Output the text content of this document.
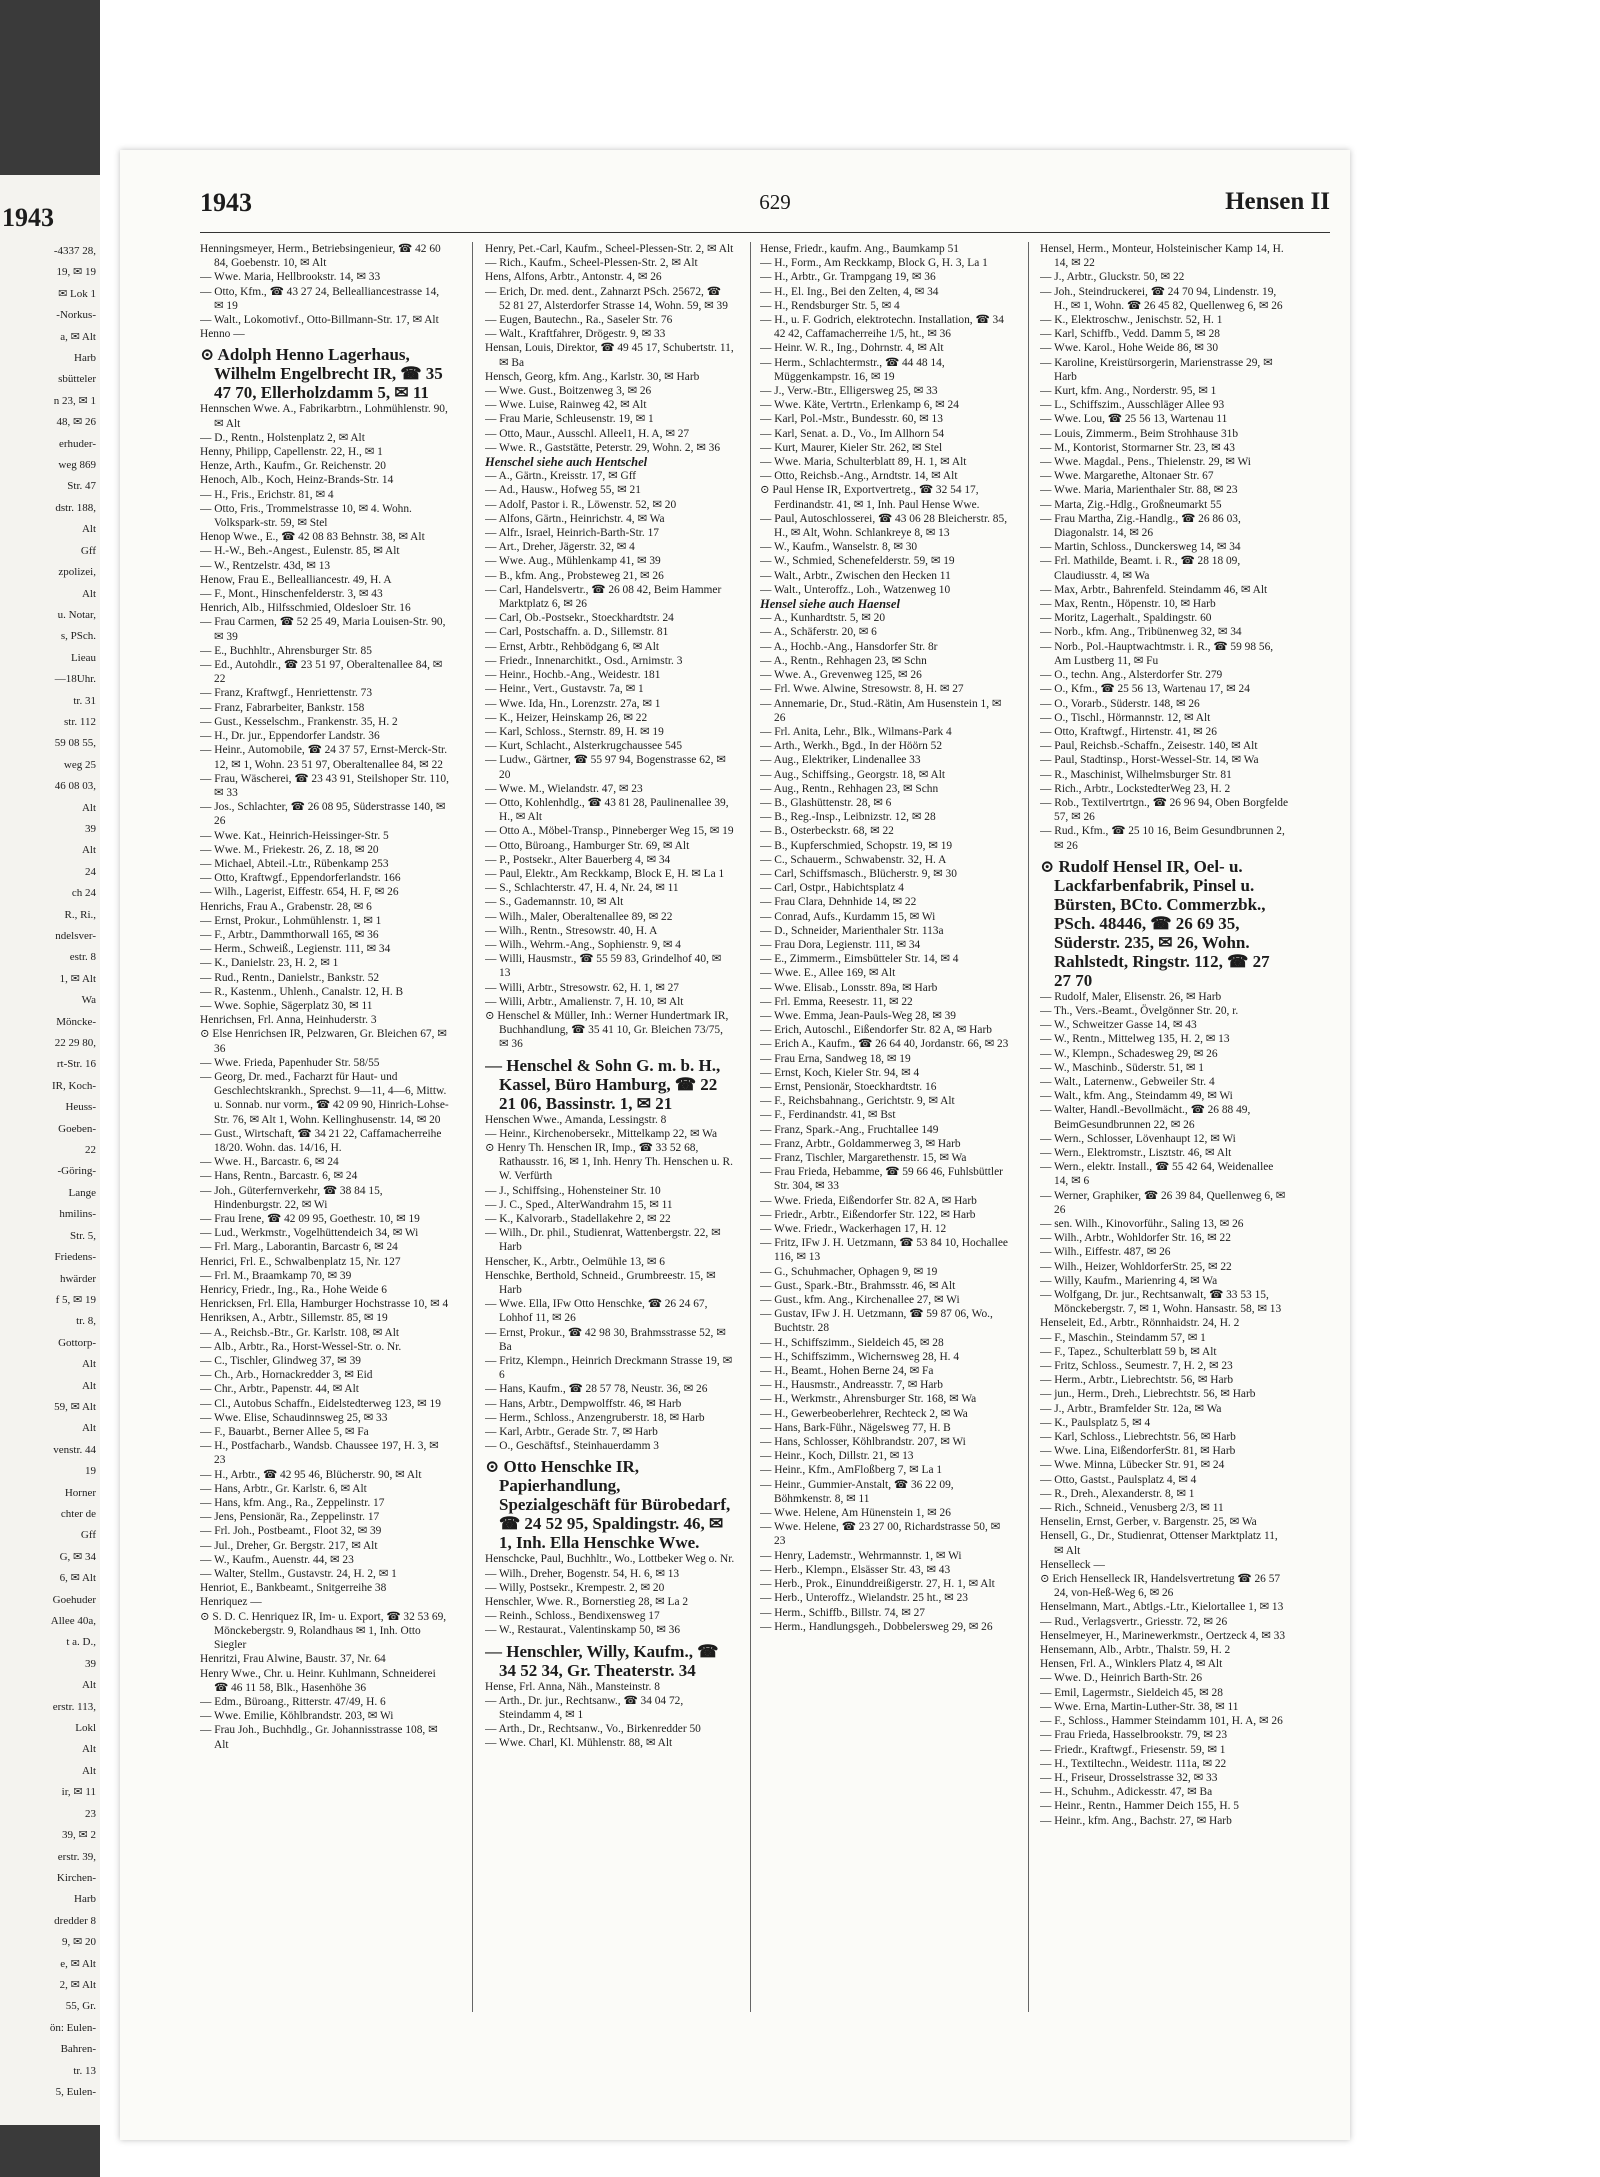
1943
-4337 28,
19, ✉ 19
✉ Lok 1
-Norkus-
a, ✉ Alt
Harb
sbütteler
n 23, ✉ 1
48, ✉ 26
erhuder-
weg 869
Str. 47
dstr. 188,
Alt
Gff
zpolizei,
Alt
u. Notar,
s, PSch.
Lieau
—18Uhr.
tr. 31
str. 112
59 08 55,
weg 25
46 08 03,
Alt
39
Alt
24
ch 24
R., Ri.,
ndelsver-
estr. 8
1, ✉ Alt
Wa
Möncke-
22 29 80,
rt-Str. 16
IR, Koch-
Heuss-
Goeben-
22
-Göring-
Lange
hmilins-
Str. 5,
Friedens-
hwärder
f 5, ✉ 19
tr. 8,
Gottorp-
Alt
Alt
59, ✉ Alt
Alt
venstr. 44
19
Horner
chter de
Gff
G, ✉ 34
6, ✉ Alt
Goehuder
Allee 40a,
t a. D.,
39
Alt
erstr. 113,
Lokl
Alt
Alt
ir, ✉ 11
23
39, ✉ 2
erstr. 39,
Kirchen-
Harb
dredder 8
9, ✉ 20
e, ✉ Alt
2, ✉ Alt
55, Gr.
ön: Eulen-
Bahren-
tr. 13
5, Eulen-
1943	629	Hensen II

Henningsmeyer, Herm., Betriebsingenieur, ☎ 42 60 84, Goebenstr. 10, ✉ Alt

— Wwe. Maria, Hellbrookstr. 14, ✉ 33

— Otto, Kfm., ☎ 43 27 24, Bellealliancestrasse 14, ✉ 19

— Walt., Lokomotivf., Otto-Billmann-Str. 17, ✉ Alt

Henno —

⊙ Adolph Henno Lagerhaus, Wilhelm Engelbrecht IR, ☎ 35 47 70, Ellerholzdamm 5, ✉ 11

Hennschen Wwe. A., Fabrikarbtrn., Lohmühlenstr. 90, ✉ Alt

— D., Rentn., Holstenplatz 2, ✉ Alt

Henny, Philipp, Capellenstr. 22, H., ✉ 1

Henze, Arth., Kaufm., Gr. Reichenstr. 20

Henoch, Alb., Koch, Heinz-Brands-Str. 14

— H., Fris., Erichstr. 81, ✉ 4

— Otto, Fris., Trommelstrasse 10, ✉ 4. Wohn. Volkspark-str. 59, ✉ Stel

Henop Wwe., E., ☎ 42 08 83 Behnstr. 38, ✉ Alt

— H.-W., Beh.-Angest., Eulenstr. 85, ✉ Alt

— W., Rentzelstr. 43d, ✉ 13

Henow, Frau E., Bellealliancestr. 49, H. A

— F., Mont., Hinschenfelderstr. 3, ✉ 43

Henrich, Alb., Hilfsschmied, Oldesloer Str. 16

— Frau Carmen, ☎ 52 25 49, Maria Louisen-Str. 90, ✉ 39

— E., Buchhltr., Ahrensburger Str. 85

— Ed., Autohdlr., ☎ 23 51 97, Oberaltenallee 84, ✉ 22

— Franz, Kraftwgf., Henriettenstr. 73

— Franz, Fabrarbeiter, Bankstr. 158

— Gust., Kesselschm., Frankenstr. 35, H. 2

— H., Dr. jur., Eppendorfer Landstr. 36

— Heinr., Automobile, ☎ 24 37 57, Ernst-Merck-Str. 12, ✉ 1, Wohn. 23 51 97, Oberaltenallee 84, ✉ 22

— Frau, Wäscherei, ☎ 23 43 91, Steilshoper Str. 110, ✉ 33

— Jos., Schlachter, ☎ 26 08 95, Süderstrasse 140, ✉ 26

— Wwe. Kat., Heinrich-Heissinger-Str. 5

— Wwe. M., Friekestr. 26, Z. 18, ✉ 20

— Michael, Abteil.-Ltr., Rübenkamp 253

— Otto, Kraftwgf., Eppendorferlandstr. 166

— Wilh., Lagerist, Eiffestr. 654, H. F, ✉ 26

Henrichs, Frau A., Grabenstr. 28, ✉ 6

— Ernst, Prokur., Lohmühlenstr. 1, ✉ 1

— F., Arbtr., Dammthorwall 165, ✉ 36

— Herm., Schweiß., Legienstr. 111, ✉ 34

— K., Danielstr. 23, H. 2, ✉ 1

— Rud., Rentn., Danielstr., Bankstr. 52

— R., Kastenm., Uhlenh., Canalstr. 12, H. B

— Wwe. Sophie, Sägerplatz 30, ✉ 11

Henrichsen, Frl. Anna, Heinhuderstr. 3

⊙ Else Henrichsen IR, Pelzwaren, Gr. Bleichen 67, ✉ 36

— Wwe. Frieda, Papenhuder Str. 58/55

— Georg, Dr. med., Facharzt für Haut- und Geschlechtskrankh., Sprechst. 9—11, 4—6, Mittw. u. Sonnab. nur vorm., ☎ 42 09 90, Hinrich-Lohse-Str. 76, ✉ Alt 1, Wohn. Kellinghusenstr. 14, ✉ 20

— Gust., Wirtschaft, ☎ 34 21 22, Caffamacherreihe 18/20. Wohn. das. 14/16, H.

— Wwe. H., Barcastr. 6, ✉ 24

— Hans, Rentn., Barcastr. 6, ✉ 24

— Joh., Güterfernverkehr, ☎ 38 84 15, Hindenburgstr. 22, ✉ Wi

— Frau Irene, ☎ 42 09 95, Goethestr. 10, ✉ 19

— Lud., Werkmstr., Vogelhüttendeich 34, ✉ Wi

— Frl. Marg., Laborantin, Barcastr 6, ✉ 24

Henrici, Frl. E., Schwalbenplatz 15, Nr. 127

— Frl. M., Braamkamp 70, ✉ 39

Henricy, Friedr., Ing., Ra., Hohe Weide 6

Henricksen, Frl. Ella, Hamburger Hochstrasse 10, ✉ 4

Henriksen, A., Arbtr., Sillemstr. 85, ✉ 19

— A., Reichsb.-Btr., Gr. Karlstr. 108, ✉ Alt

— Alb., Arbtr., Ra., Horst-Wessel-Str. o. Nr.

— C., Tischler, Glindweg 37, ✉ 39

— Ch., Arb., Hornackredder 3, ✉ Eid

— Chr., Arbtr., Papenstr. 44, ✉ Alt

— Cl., Autobus Schaffn., Eidelstedterweg 123, ✉ 19

— Wwe. Elise, Schaudinnsweg 25, ✉ 33

— F., Bauarbt., Berner Allee 5, ✉ Fa

— H., Postfacharb., Wandsb. Chaussee 197, H. 3, ✉ 23

— H., Arbtr., ☎ 42 95 46, Blücherstr. 90, ✉ Alt

— Hans, Arbtr., Gr. Karlstr. 6, ✉ Alt

— Hans, kfm. Ang., Ra., Zeppelinstr. 17

— Jens, Pensionär, Ra., Zeppelinstr. 17

— Frl. Joh., Postbeamt., Floot 32, ✉ 39

— Jul., Dreher, Gr. Bergstr. 217, ✉ Alt

— W., Kaufm., Auenstr. 44, ✉ 23

— Walter, Stellm., Gustavstr. 24, H. 2, ✉ 1

Henriot, E., Bankbeamt., Snitgerreihe 38

Henriquez —

⊙ S. D. C. Henriquez IR, Im- u. Export, ☎ 32 53 69, Mönckebergstr. 9, Rolandhaus ✉ 1, Inh. Otto Siegler

Henritzi, Frau Alwine, Baustr. 37, Nr. 64

Henry Wwe., Chr. u. Heinr. Kuhlmann, Schneiderei ☎ 46 11 58, Blk., Hasenhöhe 36

— Edm., Büroang., Ritterstr. 47/49, H. 6

— Wwe. Emilie, Köhlbrandstr. 203, ✉ Wi

— Frau Joh., Buchhdlg., Gr. Johannisstrasse 108, ✉ Alt

Henry, Pet.-Carl, Kaufm., Scheel-Plessen-Str. 2, ✉ Alt

— Rich., Kaufm., Scheel-Plessen-Str. 2, ✉ Alt

Hens, Alfons, Arbtr., Antonstr. 4, ✉ 26

— Erich, Dr. med. dent., Zahnarzt PSch. 25672, ☎ 52 81 27, Alsterdorfer Strasse 14, Wohn. 59, ✉ 39

— Eugen, Bautechn., Ra., Saseler Str. 76

— Walt., Kraftfahrer, Drögestr. 9, ✉ 33

Hensan, Louis, Direktor, ☎ 49 45 17, Schubertstr. 11, ✉ Ba

Hensch, Georg, kfm. Ang., Karlstr. 30, ✉ Harb

— Wwe. Gust., Boitzenweg 3, ✉ 26

— Wwe. Luise, Rainweg 42, ✉ Alt

— Frau Marie, Schleusenstr. 19, ✉ 1

— Otto, Maur., Ausschl. Alleel1, H. A, ✉ 27

— Wwe. R., Gaststätte, Peterstr. 29, Wohn. 2, ✉ 36

Henschel siehe auch Hentschel

— A., Gärtn., Kreisstr. 17, ✉ Gff

— Ad., Hausw., Hofweg 55, ✉ 21

— Adolf, Pastor i. R., Löwenstr. 52, ✉ 20

— Alfons, Gärtn., Heinrichstr. 4, ✉ Wa

— Alfr., Israel, Heinrich-Barth-Str. 17

— Art., Dreher, Jägerstr. 32, ✉ 4

— Wwe. Aug., Mühlenkamp 41, ✉ 39

— B., kfm. Ang., Probsteweg 21, ✉ 26

— Carl, Handelsvertr., ☎ 26 08 42, Beim Hammer Marktplatz 6, ✉ 26

— Carl, Ob.-Postsekr., Stoeckhardtstr. 24

— Carl, Postschaffn. a. D., Sillemstr. 81

— Ernst, Arbtr., Rehbödgang 6, ✉ Alt

— Friedr., Innenarchitkt., Osd., Arnimstr. 3

— Heinr., Hochb.-Ang., Weidestr. 181

— Heinr., Vert., Gustavstr. 7a, ✉ 1

— Wwe. Ida, Hn., Lorenzstr. 27a, ✉ 1

— K., Heizer, Heinskamp 26, ✉ 22

— Karl, Schloss., Sternstr. 89, H. ✉ 19

— Kurt, Schlacht., Alsterkrugchaussee 545

— Ludw., Gärtner, ☎ 55 97 94, Bogenstrasse 62, ✉ 20

— Wwe. M., Wielandstr. 47, ✉ 23

— Otto, Kohlenhdlg., ☎ 43 81 28, Paulinenallee 39, H., ✉ Alt

— Otto A., Möbel-Transp., Pinneberger Weg 15, ✉ 19

— Otto, Büroang., Hamburger Str. 69, ✉ Alt

— P., Postsekr., Alter Bauerberg 4, ✉ 34

— Paul, Elektr., Am Reckkamp, Block E, H. ✉ La 1

— S., Schlachterstr. 47, H. 4, Nr. 24, ✉ 11

— S., Gademannstr. 10, ✉ Alt

— Wilh., Maler, Oberaltenallee 89, ✉ 22

— Wilh., Rentn., Stresowstr. 40, H. A

— Wilh., Wehrm.-Ang., Sophienstr. 9, ✉ 4

— Willi, Hausmstr., ☎ 55 59 83, Grindelhof 40, ✉ 13

— Willi, Arbtr., Stresowstr. 62, H. 1, ✉ 27

— Willi, Arbtr., Amalienstr. 7, H. 10, ✉ Alt

⊙ Henschel & Müller, Inh.: Werner Hundertmark IR, Buchhandlung, ☎ 35 41 10, Gr. Bleichen 73/75, ✉ 36

— Henschel & Sohn G. m. b. H., Kassel, Büro Hamburg, ☎ 22 21 06, Bassinstr. 1, ✉ 21

Henschen Wwe., Amanda, Lessingstr. 8

— Heinr., Kirchenobersekr., Mittelkamp 22, ✉ Wa

⊙ Henry Th. Henschen IR, Imp., ☎ 33 52 68, Rathausstr. 16, ✉ 1, Inh. Henry Th. Henschen u. R. W. Verfürth

— J., Schiffsing., Hohensteiner Str. 10

— J. C., Sped., AlterWandrahm 15, ✉ 11

— K., Kalvorarb., Stadellakehre 2, ✉ 22

— Wilh., Dr. phil., Studienrat, Wattenbergstr. 22, ✉ Harb

Henscher, K., Arbtr., Oelmühle 13, ✉ 6

Henschke, Berthold, Schneid., Grumbreestr. 15, ✉ Harb

— Wwe. Ella, IFw Otto Henschke, ☎ 26 24 67, Lohhof 11, ✉ 26

— Ernst, Prokur., ☎ 42 98 30, Brahmsstrasse 52, ✉ Ba

— Fritz, Klempn., Heinrich Dreckmann Strasse 19, ✉ 6

— Hans, Kaufm., ☎ 28 57 78, Neustr. 36, ✉ 26

— Hans, Arbtr., Dempwolffstr. 46, ✉ Harb

— Herm., Schloss., Anzengruberstr. 18, ✉ Harb

— Karl, Arbtr., Gerade Str. 7, ✉ Harb

— O., Geschäftsf., Steinhauerdamm 3

⊙ Otto Henschke IR, Papierhandlung, Spezialgeschäft für Bürobedarf, ☎ 24 52 95, Spaldingstr. 46, ✉ 1, Inh. Ella Henschke Wwe.

Henschcke, Paul, Buchhltr., Wo., Lottbeker Weg o. Nr.

— Wilh., Dreher, Bogenstr. 54, H. 6, ✉ 13

— Willy, Postsekr., Krempestr. 2, ✉ 20

Henschler, Wwe. R., Bornerstieg 28, ✉ La 2

— Reinh., Schloss., Bendixensweg 17

— W., Restaurat., Valentinskamp 50, ✉ 36

— Henschler, Willy, Kaufm., ☎ 34 52 34, Gr. Theaterstr. 34

Hense, Frl. Anna, Näh., Mansteinstr. 8

— Arth., Dr. jur., Rechtsanw., ☎ 34 04 72, Steindamm 4, ✉ 1

— Arth., Dr., Rechtsanw., Vo., Birkenredder 50

— Wwe. Charl, Kl. Mühlenstr. 88, ✉ Alt

Hense, Friedr., kaufm. Ang., Baumkamp 51

— H., Form., Am Reckkamp, Block G, H. 3, La 1

— H., Arbtr., Gr. Trampgang 19, ✉ 36

— H., El. Ing., Bei den Zelten, 4, ✉ 34

— H., Rendsburger Str. 5, ✉ 4

— H., u. F. Godrich, elektrotechn. Installation, ☎ 34 42 42, Caffamacherreihe 1/5, ht., ✉ 36

— Heinr. W. R., Ing., Dohrnstr. 4, ✉ Alt

— Herm., Schlachtermstr., ☎ 44 48 14, Müggenkampstr. 16, ✉ 19

— J., Verw.-Btr., Elligersweg 25, ✉ 33

— Wwe. Käte, Vertrtn., Erlenkamp 6, ✉ 24

— Karl, Pol.-Mstr., Bundesstr. 60, ✉ 13

— Karl, Senat. a. D., Vo., Im Allhorn 54

— Kurt, Maurer, Kieler Str. 262, ✉ Stel

— Wwe. Maria, Schulterblatt 89, H. 1, ✉ Alt

— Otto, Reichsb.-Ang., Arndtstr. 14, ✉ Alt

⊙ Paul Hense IR, Exportvertretg., ☎ 32 54 17, Ferdinandstr. 41, ✉ 1, Inh. Paul Hense Wwe.

— Paul, Autoschlosserei, ☎ 43 06 28 Bleicherstr. 85, H., ✉ Alt, Wohn. Schlankreye 8, ✉ 13

— W., Kaufm., Wanselstr. 8, ✉ 30

— W., Schmied, Schenefelderstr. 59, ✉ 19

— Walt., Arbtr., Zwischen den Hecken 11

— Walt., Unteroffz., Loh., Watzenweg 10

Hensel siehe auch Haensel

— A., Kunhardtstr. 5, ✉ 20

— A., Schäferstr. 20, ✉ 6

— A., Hochb.-Ang., Hansdorfer Str. 8r

— A., Rentn., Rehhagen 23, ✉ Schn

— Wwe. A., Grevenweg 125, ✉ 26

— Frl. Wwe. Alwine, Stresowstr. 8, H. ✉ 27

— Annemarie, Dr., Stud.-Rätin, Am Husenstein 1, ✉ 26

— Frl. Anita, Lehr., Blk., Wilmans-Park 4

— Arth., Werkh., Bgd., In der Höörn 52

— Aug., Elektriker, Lindenallee 33

— Aug., Schiffsing., Georgstr. 18, ✉ Alt

— Aug., Rentn., Rehhagen 23, ✉ Schn

— B., Glashüttenstr. 28, ✉ 6

— B., Reg.-Insp., Leibnizstr. 12, ✉ 28

— B., Osterbeckstr. 68, ✉ 22

— B., Kupferschmied, Schopstr. 19, ✉ 19

— C., Schauerm., Schwabenstr. 32, H. A

— Carl, Schiffsmasch., Blücherstr. 9, ✉ 30

— Carl, Ostpr., Habichtsplatz 4

— Frau Clara, Dehnhide 14, ✉ 22

— Conrad, Aufs., Kurdamm 15, ✉ Wi

— D., Schneider, Marienthaler Str. 113a

— Frau Dora, Legienstr. 111, ✉ 34

— E., Zimmerm., Eimsbütteler Str. 14, ✉ 4

— Wwe. E., Allee 169, ✉ Alt

— Wwe. Elisab., Lonsstr. 89a, ✉ Harb

— Frl. Emma, Reesestr. 11, ✉ 22

— Wwe. Emma, Jean-Pauls-Weg 28, ✉ 39

— Erich, Autoschl., Eißendorfer Str. 82 A, ✉ Harb

— Erich A., Kaufm., ☎ 26 64 40, Jordanstr. 66, ✉ 23

— Frau Erna, Sandweg 18, ✉ 19

— Ernst, Koch, Kieler Str. 94, ✉ 4

— Ernst, Pensionär, Stoeckhardtstr. 16

— F., Reichsbahnang., Gerichtstr. 9, ✉ Alt

— F., Ferdinandstr. 41, ✉ Bst

— Franz, Spark.-Ang., Fruchtallee 149

— Franz, Arbtr., Goldammerweg 3, ✉ Harb

— Franz, Tischler, Margarethenstr. 15, ✉ Wa

— Frau Frieda, Hebamme, ☎ 59 66 46, Fuhlsbüttler Str. 304, ✉ 33

— Wwe. Frieda, Eißendorfer Str. 82 A, ✉ Harb

— Friedr., Arbtr., Eißendorfer Str. 122, ✉ Harb

— Wwe. Friedr., Wackerhagen 17, H. 12

— Fritz, IFw J. H. Uetzmann, ☎ 53 84 10, Hochallee 116, ✉ 13

— G., Schuhmacher, Ophagen 9, ✉ 19

— Gust., Spark.-Btr., Brahmsstr. 46, ✉ Alt

— Gust., kfm. Ang., Kirchenallee 27, ✉ Wi

— Gustav, IFw J. H. Uetzmann, ☎ 59 87 06, Wo., Buchtstr. 28

— H., Schiffszimm., Sieldeich 45, ✉ 28

— H., Schiffszimm., Wichernsweg 28, H. 4

— H., Beamt., Hohen Berne 24, ✉ Fa

— H., Hausmstr., Andreasstr. 7, ✉ Harb

— H., Werkmstr., Ahrensburger Str. 168, ✉ Wa

— H., Gewerbeoberlehrer, Rechteck 2, ✉ Wa

— Hans, Bark-Führ., Nägelsweg 77, H. B

— Hans, Schlosser, Köhlbrandstr. 207, ✉ Wi

— Heinr., Koch, Dillstr. 21, ✉ 13

— Heinr., Kfm., AmFloßberg 7, ✉ La 1

— Heinr., Gummier-Anstalt, ☎ 36 22 09, Böhmkenstr. 8, ✉ 11

— Wwe. Helene, Am Hünenstein 1, ✉ 26

— Wwe. Helene, ☎ 23 27 00, Richardstrasse 50, ✉ 23

— Henry, Lademstr., Wehrmannstr. 1, ✉ Wi

— Herb., Klempn., Elsässer Str. 43, ✉ 43

— Herb., Prok., Einunddreißigerstr. 27, H. 1, ✉ Alt

— Herb., Unteroffz., Wielandstr. 25 ht., ✉ 23

— Herm., Schiffb., Billstr. 74, ✉ 27

— Herm., Handlungsgeh., Dobbelersweg 29, ✉ 26

Hensel, Herm., Monteur, Holsteinischer Kamp 14, H. 14, ✉ 22

— J., Arbtr., Gluckstr. 50, ✉ 22

— Joh., Steindruckerei, ☎ 24 70 94, Lindenstr. 19, H., ✉ 1, Wohn. ☎ 26 45 82, Quellenweg 6, ✉ 26

— K., Elektroschw., Jenischstr. 52, H. 1

— Karl, Schiffb., Vedd. Damm 5, ✉ 28

— Wwe. Karol., Hohe Weide 86, ✉ 30

— Karoline, Kreistürsorgerin, Marienstrasse 29, ✉ Harb

— Kurt, kfm. Ang., Norderstr. 95, ✉ 1

— L., Schiffszim., Ausschläger Allee 93

— Wwe. Lou, ☎ 25 56 13, Wartenau 11

— Louis, Zimmerm., Beim Strohhause 31b

— M., Kontorist, Stormarner Str. 23, ✉ 43

— Wwe. Magdal., Pens., Thielenstr. 29, ✉ Wi

— Wwe. Margarethe, Altonaer Str. 67

— Wwe. Maria, Marienthaler Str. 88, ✉ 23

— Marta, Zig.-Hdlg., Großneumarkt 55

— Frau Martha, Zig.-Handlg., ☎ 26 86 03, Diagonalstr. 14, ✉ 26

— Martin, Schloss., Dunckersweg 14, ✉ 34

— Frl. Mathilde, Beamt. i. R., ☎ 28 18 09, Claudiusstr. 4, ✉ Wa

— Max, Arbtr., Bahrenfeld. Steindamm 46, ✉ Alt

— Max, Rentn., Höpenstr. 10, ✉ Harb

— Moritz, Lagerhalt., Spaldingstr. 60

— Norb., kfm. Ang., Tribünenweg 32, ✉ 34

— Norb., Pol.-Hauptwachtmstr. i. R., ☎ 59 98 56, Am Lustberg 11, ✉ Fu

— O., techn. Ang., Alsterdorfer Str. 279

— O., Kfm., ☎ 25 56 13, Wartenau 17, ✉ 24

— O., Vorarb., Süderstr. 148, ✉ 26

— O., Tischl., Hörmannstr. 12, ✉ Alt

— Otto, Kraftwgf., Hirtenstr. 41, ✉ 26

— Paul, Reichsb.-Schaffn., Zeisestr. 140, ✉ Alt

— Paul, Stadtinsp., Horst-Wessel-Str. 14, ✉ Wa

— R., Maschinist, Wilhelmsburger Str. 81

— Rich., Arbtr., LockstedterWeg 23, H. 2

— Rob., Textilvertrtgn., ☎ 26 96 94, Oben Borgfelde 57, ✉ 26

— Rud., Kfm., ☎ 25 10 16, Beim Gesundbrunnen 2, ✉ 26

⊙ Rudolf Hensel IR, Oel- u. Lackfarbenfabrik, Pinsel u. Bürsten, BCto. Commerzbk., PSch. 48446, ☎ 26 69 35, Süderstr. 235, ✉ 26, Wohn. Rahlstedt, Ringstr. 112, ☎ 27 27 70

— Rudolf, Maler, Elisenstr. 26, ✉ Harb

— Th., Vers.-Beamt., Övelgönner Str. 20, r.

— W., Schweitzer Gasse 14, ✉ 43

— W., Rentn., Mittelweg 135, H. 2, ✉ 13

— W., Klempn., Schadesweg 29, ✉ 26

— W., Maschinb., Süderstr. 51, ✉ 1

— Walt., Laternenw., Gebweiler Str. 4

— Walt., kfm. Ang., Steindamm 49, ✉ Wi

— Walter, Handl.-Bevollmächt., ☎ 26 88 49, BeimGesundbrunnen 22, ✉ 26

— Wern., Schlosser, Lövenhaupt 12, ✉ Wi

— Wern., Elektromstr., Lisztstr. 46, ✉ Alt

— Wern., elektr. Install., ☎ 55 42 64, Weidenallee 14, ✉ 6

— Werner, Graphiker, ☎ 26 39 84, Quellenweg 6, ✉ 26

— sen. Wilh., Kinovorführ., Saling 13, ✉ 26

— Wilh., Arbtr., Wohldorfer Str. 16, ✉ 22

— Wilh., Eiffestr. 487, ✉ 26

— Wilh., Heizer, WohldorferStr. 25, ✉ 22

— Willy, Kaufm., Marienring 4, ✉ Wa

— Wolfgang, Dr. jur., Rechtsanwalt, ☎ 33 53 15, Mönckebergstr. 7, ✉ 1, Wohn. Hansastr. 58, ✉ 13

Henseleit, Ed., Arbtr., Rönnhaidstr. 24, H. 2

— F., Maschin., Steindamm 57, ✉ 1

— F., Tapez., Schulterblatt 59 b, ✉ Alt

— Fritz, Schloss., Seumestr. 7, H. 2, ✉ 23

— Herm., Arbtr., Liebrechtstr. 56, ✉ Harb

— jun., Herm., Dreh., Liebrechtstr. 56, ✉ Harb

— J., Arbtr., Bramfelder Str. 12a, ✉ Wa

— K., Paulsplatz 5, ✉ 4

— Karl, Schloss., Liebrechtstr. 56, ✉ Harb

— Wwe. Lina, EißendorferStr. 81, ✉ Harb

— Wwe. Minna, Lübecker Str. 91, ✉ 24

— Otto, Gastst., Paulsplatz 4, ✉ 4

— R., Dreh., Alexanderstr. 8, ✉ 1

— Rich., Schneid., Venusberg 2/3, ✉ 11

Henselin, Ernst, Gerber, v. Bargenstr. 25, ✉ Wa

Hensell, G., Dr., Studienrat, Ottenser Marktplatz 11, ✉ Alt

Henselleck —

⊙ Erich Henselleck IR, Handelsvertretung ☎ 26 57 24, von-Heß-Weg 6, ✉ 26

Henselmann, Mart., Abtlgs.-Ltr., Kielortallee 1, ✉ 13

— Rud., Verlagsvertr., Griesstr. 72, ✉ 26

Henselmeyer, H., Marinewerkmstr., Oertzeck 4, ✉ 33

Hensemann, Alb., Arbtr., Thalstr. 59, H. 2

Hensen, Frl. A., Winklers Platz 4, ✉ Alt

— Wwe. D., Heinrich Barth-Str. 26

— Emil, Lagermstr., Sieldeich 45, ✉ 28

— Wwe. Erna, Martin-Luther-Str. 38, ✉ 11

— F., Schloss., Hammer Steindamm 101, H. A, ✉ 26

— Frau Frieda, Hasselbrookstr. 79, ✉ 23

— Friedr., Kraftwgf., Friesenstr. 59, ✉ 1

— H., Textiltechn., Weidestr. 111a, ✉ 22

— H., Friseur, Drosselstrasse 32, ✉ 33

— H., Schuhm., Adickesstr. 47, ✉ Ba

— Heinr., Rentn., Hammer Deich 155, H. 5

— Heinr., kfm. Ang., Bachstr. 27, ✉ Harb
